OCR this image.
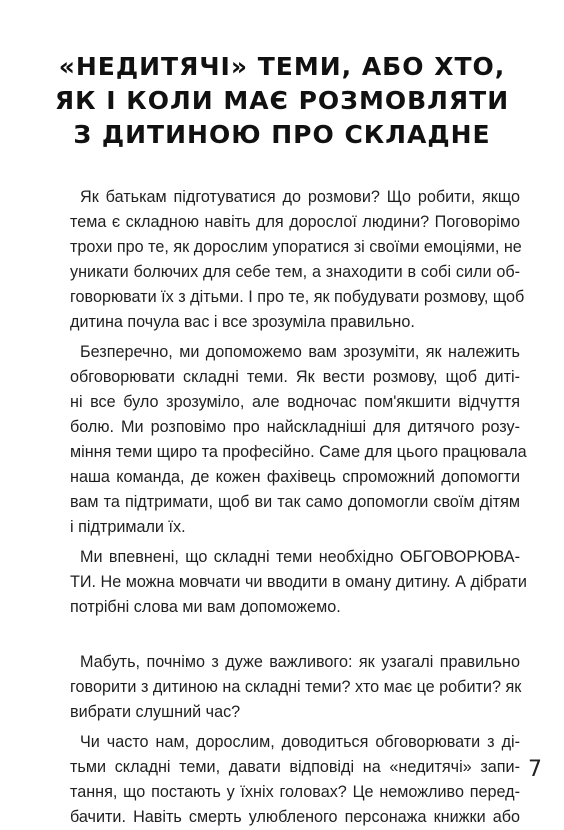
«НЕДИТЯЧІ» ТЕМИ, АБО ХТО,
ЯК І КОЛИ МАЄ РОЗМОВЛЯТИ
З ДИТИНОЮ ПРО СКЛАДНЕ

Як батькам підготуватися до розмови? Що робити, якщо
тема є складною навіть для дорослої людини? Поговорімо
трохи про те, як дорослим упоратися зі своїми емоціями, не
уникати болючих для себе тем, а знаходити в собі сили об-
говорювати їх з дітьми. І про те, як побудувати розмову, щоб
дитина почула вас і все зрозуміла правильно.

Безперечно, ми допоможемо вам зрозуміти, як належить
обговорювати складні теми. Як вести розмову, щоб диті-
ні все було зрозуміло, але водночас пом'якшити відчуття
болю. Ми розповімо про найскладніші для дитячого розу-
міння теми щиро та професійно. Саме для цього працювала
наша команда, де кожен фахівець спроможний допомогти
вам та підтримати, щоб ви так само допомогли своїм дітям
і підтримали їх.

Ми впевнені, що складні теми необхідно ОБГОВОРЮВА-
ТИ. Не можна мовчати чи вводити в оману дитину. А дібрати
потрібні слова ми вам допоможемо.

Мабуть, почнімо з дуже важливого: як узагалі правильно
говорити з дитиною на складні теми? хто має це робити? як
вибрати слушний час?

Чи часто нам, дорослим, доводиться обговорювати з ді-
тьми складні теми, давати відповіді на «недитячі» запи-
тання, що постають у їхніх головах? Це неможливо перед-
бачити. Навіть смерть улюбленого персонажа книжки або

7
